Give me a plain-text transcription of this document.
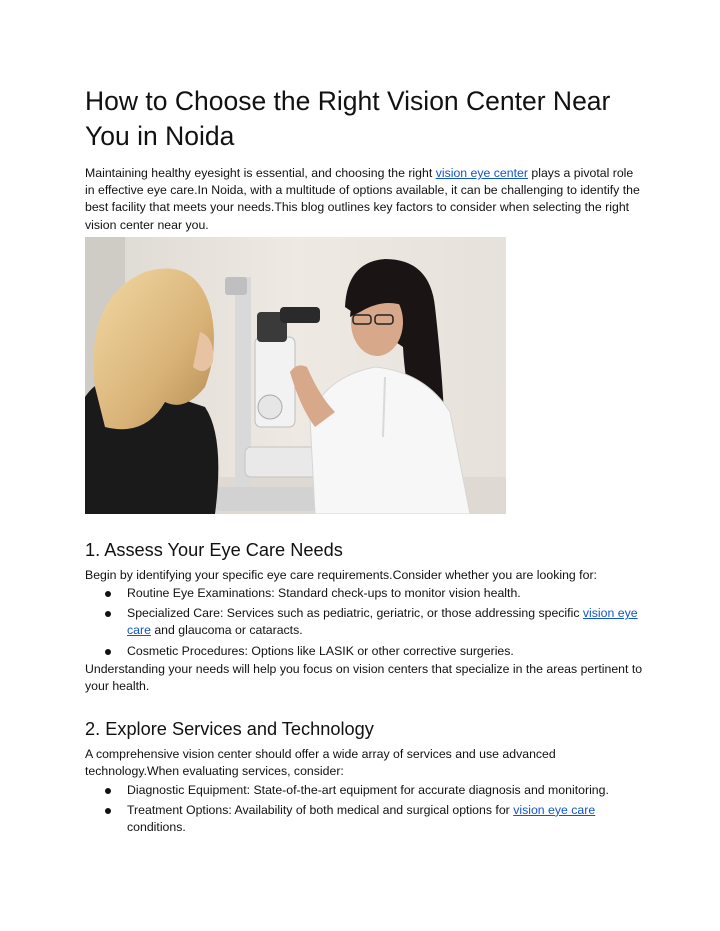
How to Choose the Right Vision Center Near You in Noida

Maintaining healthy eyesight is essential, and choosing the right vision eye center plays a pivotal role in effective eye care.In Noida, with a multitude of options available, it can be challenging to identify the best facility that meets your needs.This blog outlines key factors to consider when selecting the right vision center near you.

1. Assess Your Eye Care Needs

Begin by identifying your specific eye care requirements.Consider whether you are looking for:

Routine Eye Examinations: Standard check-ups to monitor vision health.
Specialized Care: Services such as pediatric, geriatric, or those addressing specific vision eye care and glaucoma or cataracts.
Cosmetic Procedures: Options like LASIK or other corrective surgeries.

Understanding your needs will help you focus on vision centers that specialize in the areas pertinent to your health.

2. Explore Services and Technology

A comprehensive vision center should offer a wide array of services and use advanced technology.When evaluating services, consider:

Diagnostic Equipment: State-of-the-art equipment for accurate diagnosis and monitoring.
Treatment Options: Availability of both medical and surgical options for vision eye care conditions.
